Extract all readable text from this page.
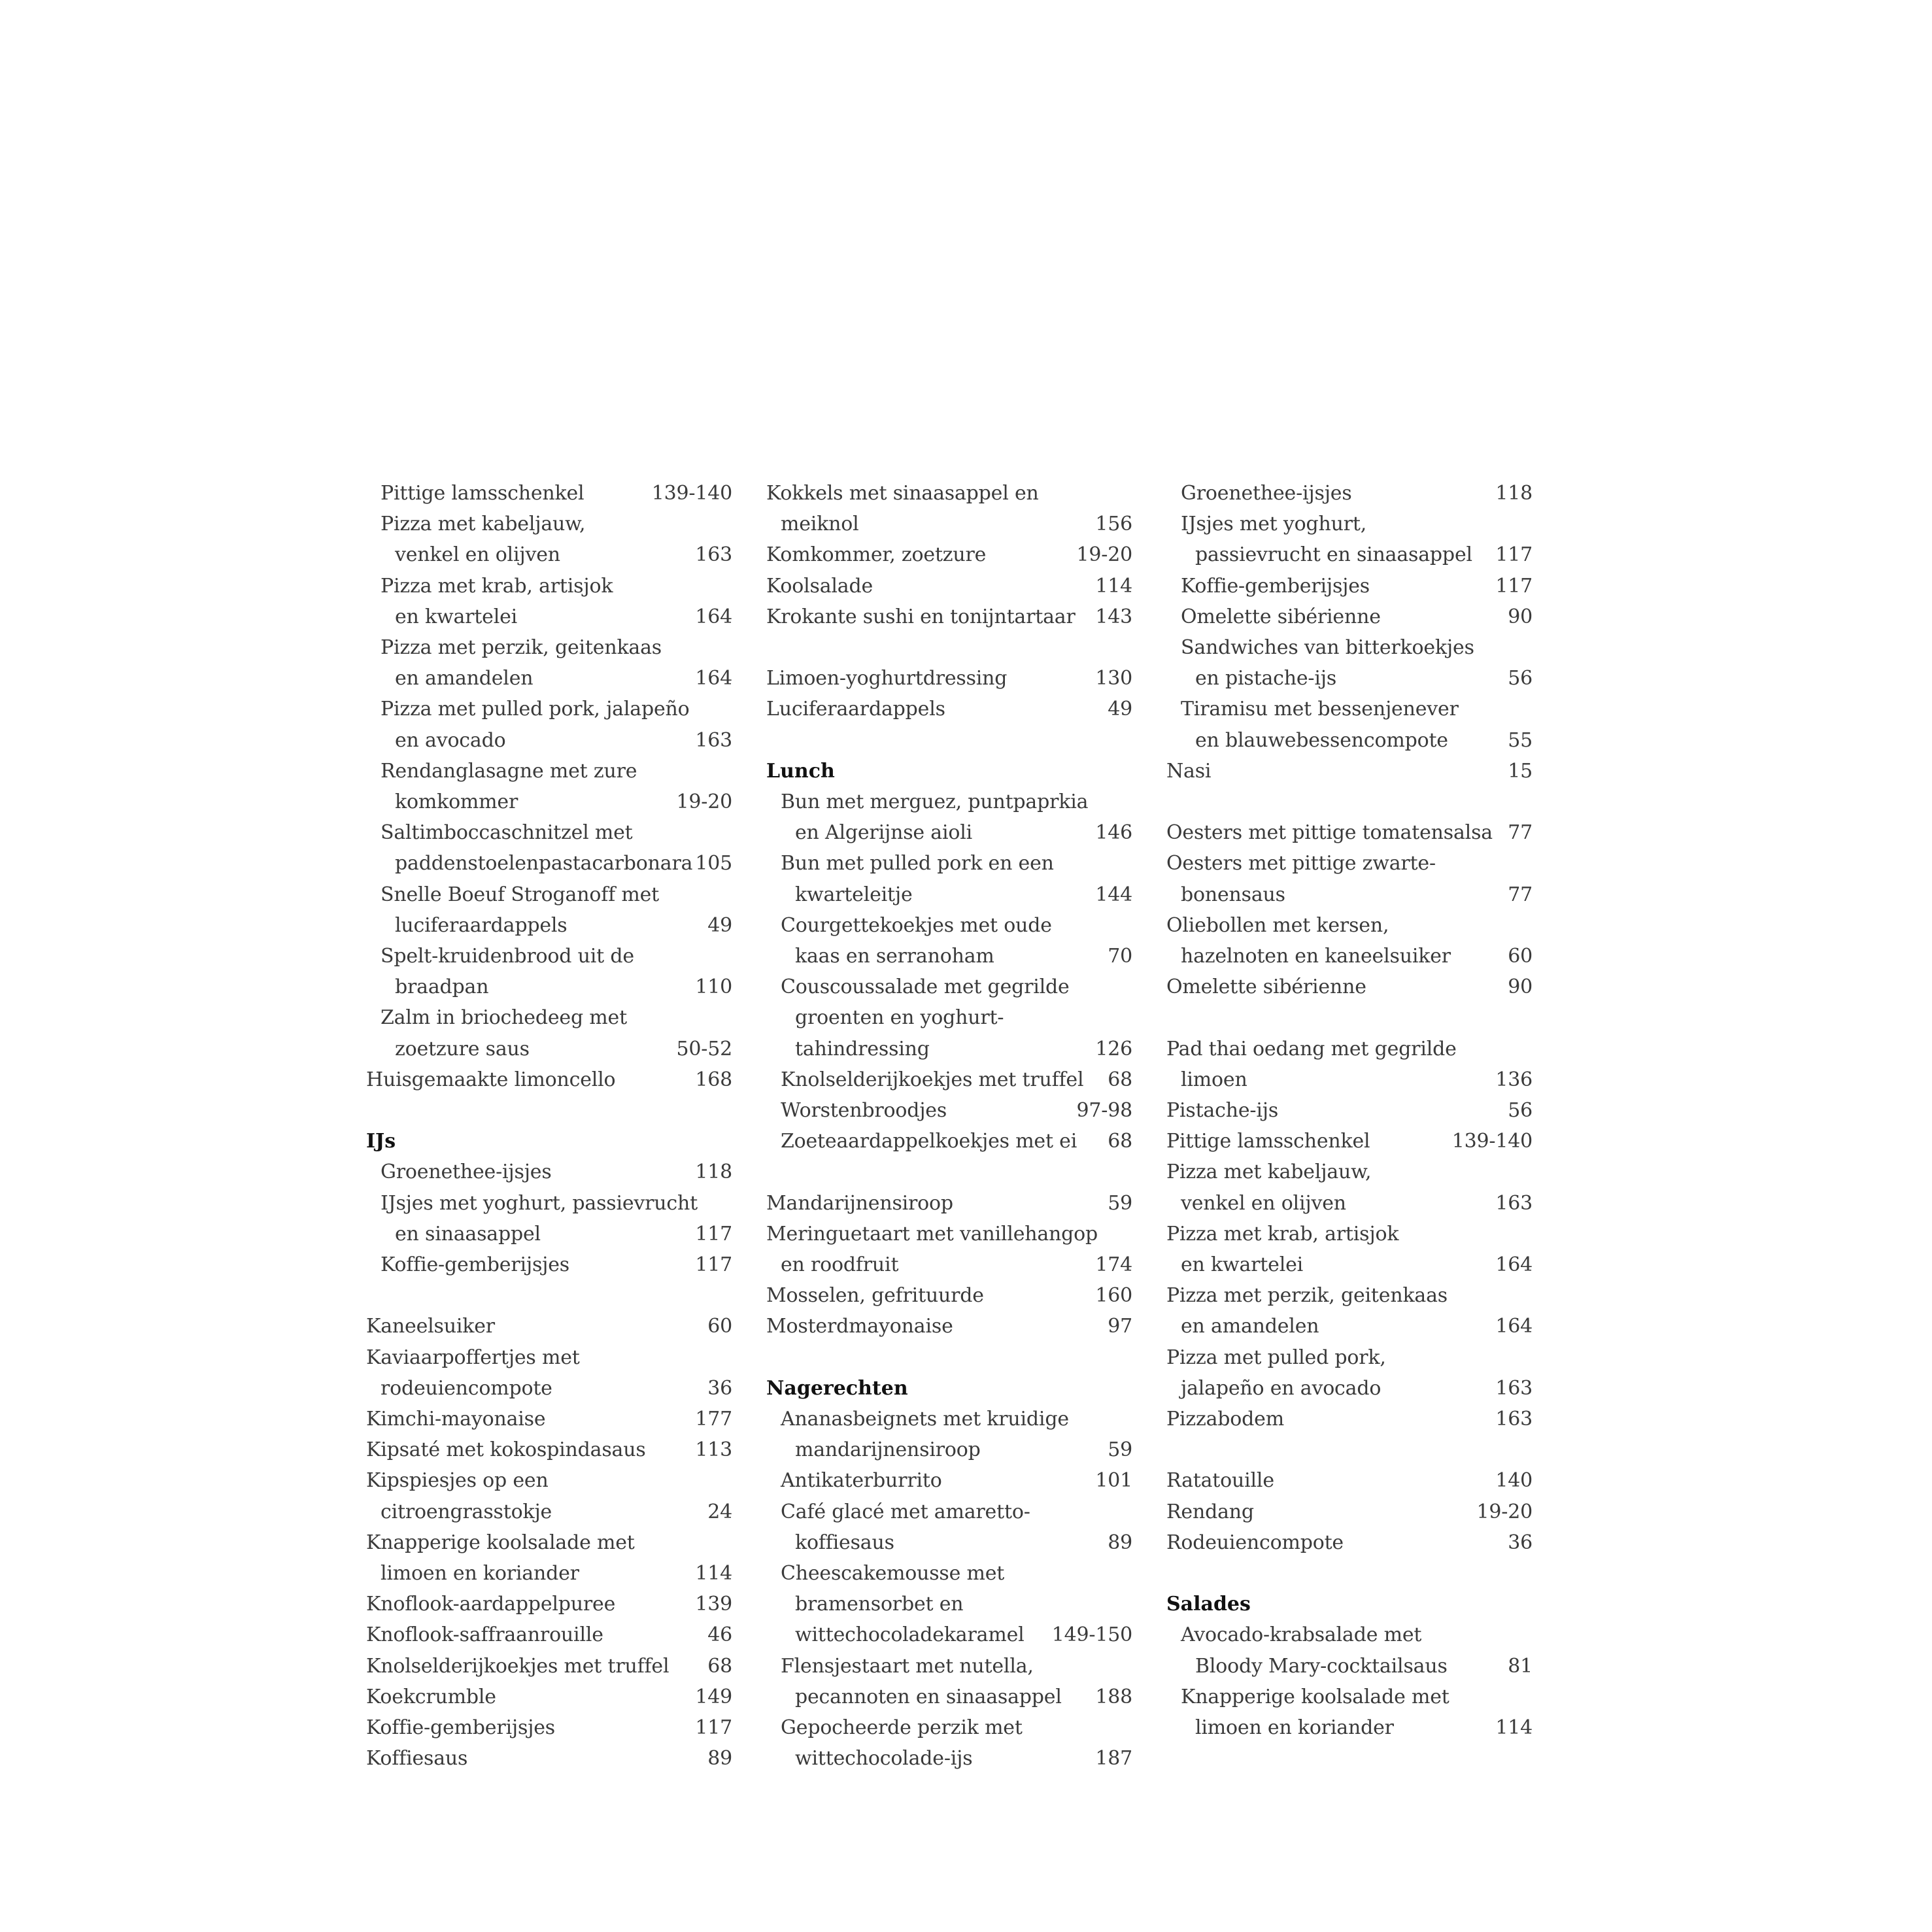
Pittige lamsschenkel	139-140
Pizza met kabeljauw,
venkel en olijven	163
Pizza met krab, artisjok
en kwartelei	164
Pizza met perzik, geitenkaas
en amandelen	164
Pizza met pulled pork, jalapeño
en avocado	163
Rendanglasagne met zure
komkommer	19-20
Saltimboccaschnitzel met
paddenstoelenpastacarbonara 105
Snelle Boeuf Stroganoff met
luciferaardappels	49
Spelt-kruidenbrood uit de
braadpan	110
Zalm in briochedeeg met
zoetzure saus	50-52
Huisgemaakte limoncello	168
IJs
Groenethee-ijsjes	118
IJsjes met yoghurt, passievrucht
en sinaasappel	117
Koffie-gemberijsjes	117
Kaneelsuiker	60
Kaviaarpoffertjes met
rodeuiencompote	36
Kimchi-mayonaise	177
Kipsaté met kokospindasaus	113
Kipspiesjes op een
citroengrasstokje	24
Knapperige koolsalade met
limoen en koriander	114
Knoflook-aardappelpuree	139
Knoflook-saffraanrouille	46
Knolselderijkoekjes met truffel	68
Koekcrumble	149
Koffie-gemberijsjes	117
Koffiesaus	89
Kokkels met sinaasappel en
meiknol	156
Komkommer, zoetzure	19-20
Koolsalade	114
Krokante sushi en tonijntartaar	143
Limoen-yoghurtdressing	130
Luciferaardappels	49
Lunch
Bun met merguez, puntpaprkia
en Algerijnse aioli	146
Bun met pulled pork en een
kwarteleitje	144
Courgettekoekjes met oude
kaas en serranoham	70
Couscoussalade met gegrilde
groenten en yoghurt-
tahindressing	126
Knolselderijkoekjes met truffel	68
Worstenbroodjes	97-98
Zoeteaardappelkoekjes met ei	68
Mandarijnensiroop	59
Meringuetaart met vanillehangop
en roodfruit	174
Mosselen, gefrituurde	160
Mosterdmayonaise	97
Nagerechten
Ananasbeignets met kruidige
mandarijnensiroop	59
Antikaterburrito	101
Café glacé met amaretto-
koffiesaus	89
Cheescakemousse met
bramensorbet en
wittechocoladekaramel	149-150
Flensjestaart met nutella,
pecannoten en sinaasappel	188
Gepocheerde perzik met
wittechocolade-ijs	187
Groenethee-ijsjes	118
IJsjes met yoghurt,
passievrucht en sinaasappel	117
Koffie-gemberijsjes	117
Omelette sibérienne	90
Sandwiches van bitterkoekjes
en pistache-ijs	56
Tiramisu met bessenjenever
en blauwebessencompote	55
Nasi	15
Oesters met pittige tomatensalsa 77
Oesters met pittige zwarte-
bonensaus	77
Oliebollen met kersen,
hazelnoten en kaneelsuiker	60
Omelette sibérienne	90
Pad thai oedang met gegrilde
limoen	136
Pistache-ijs	56
Pittige lamsschenkel	139-140
Pizza met kabeljauw,
venkel en olijven	163
Pizza met krab, artisjok
en kwartelei	164
Pizza met perzik, geitenkaas
en amandelen	164
Pizza met pulled pork,
jalapeño en avocado	163
Pizzabodem	163
Ratatouille	140
Rendang	19-20
Rodeuiencompote	36
Salades
Avocado-krabsalade met
Bloody Mary-cocktailsaus	81
Knapperige koolsalade met
limoen en koriander	114
